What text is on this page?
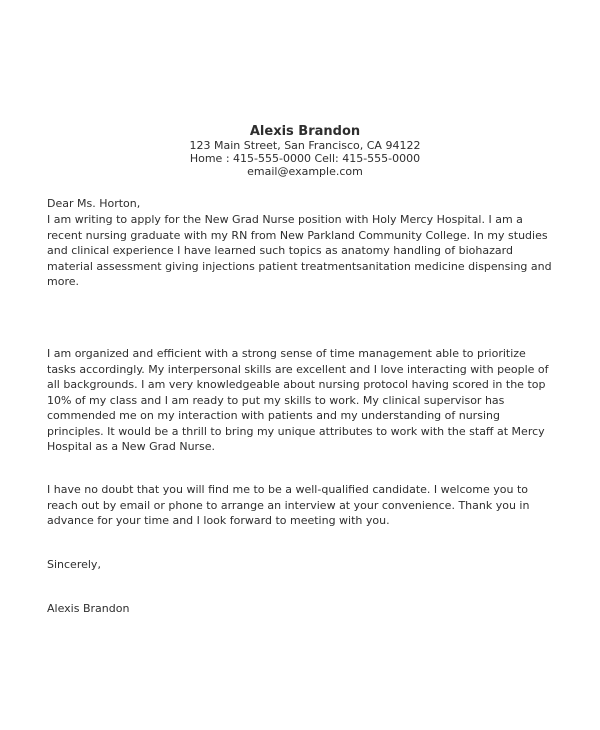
Alexis Brandon
123 Main Street, San Francisco, CA 94122
Home : 415-555-0000 Cell: 415-555-0000
email@example.com
Dear Ms. Horton,
I am writing to apply for the New Grad Nurse position with Holy Mercy Hospital. I am a
recent nursing graduate with my RN from New Parkland Community College. In my studies
and clinical experience I have learned such topics as anatomy handling of biohazard
material assessment giving injections patient treatmentsanitation medicine dispensing and
more.
I am organized and efficient with a strong sense of time management able to prioritize
tasks accordingly. My interpersonal skills are excellent and I love interacting with people of
all backgrounds. I am very knowledgeable about nursing protocol having scored in the top
10% of my class and I am ready to put my skills to work. My clinical supervisor has
commended me on my interaction with patients and my understanding of nursing
principles. It would be a thrill to bring my unique attributes to work with the staff at Mercy
Hospital as a New Grad Nurse.
I have no doubt that you will find me to be a well-qualified candidate. I welcome you to
reach out by email or phone to arrange an interview at your convenience. Thank you in
advance for your time and I look forward to meeting with you.
Sincerely,
Alexis Brandon
